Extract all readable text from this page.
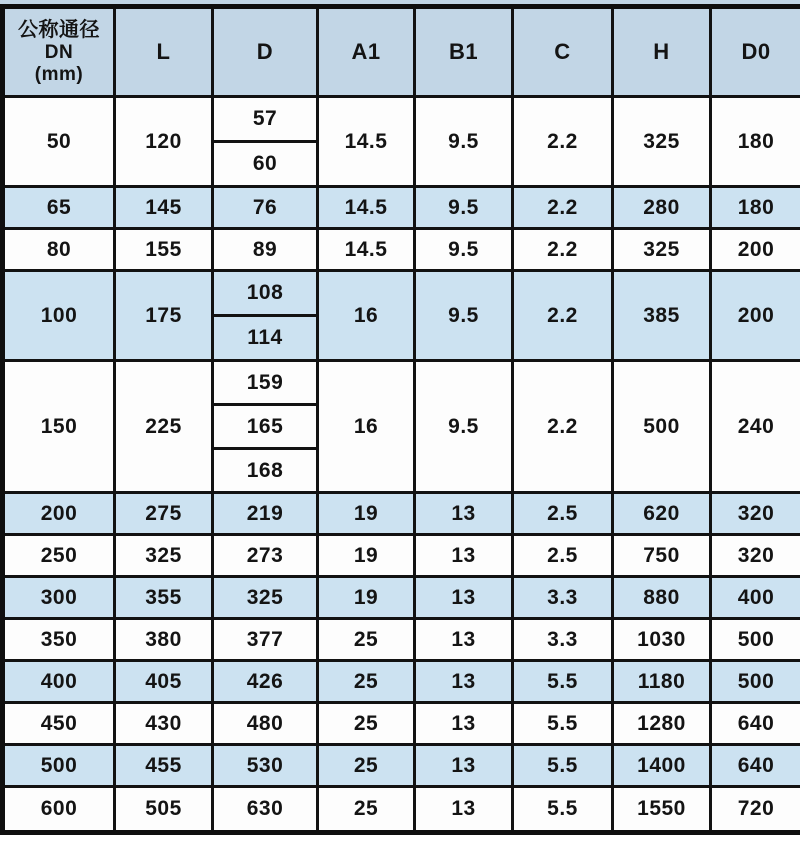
公称通径
DN
(mm)	L	D	A1	B1	C	H	D0
50	120	57	14.5	9.5	2.2	325	180
		60					
65	145	76	14.5	9.5	2.2	280	180
80	155	89	14.5	9.5	2.2	325	200
100	175	108	16	9.5	2.2	385	200
		114					
150	225	159	16	9.5	2.2	500	240
		165					
		168					
200	275	219	19	13	2.5	620	320
250	325	273	19	13	2.5	750	320
300	355	325	19	13	3.3	880	400
350	380	377	25	13	3.3	1030	500
400	405	426	25	13	5.5	1180	500
450	430	480	25	13	5.5	1280	640
500	455	530	25	13	5.5	1400	640
600	505	630	25	13	5.5	1550	720
